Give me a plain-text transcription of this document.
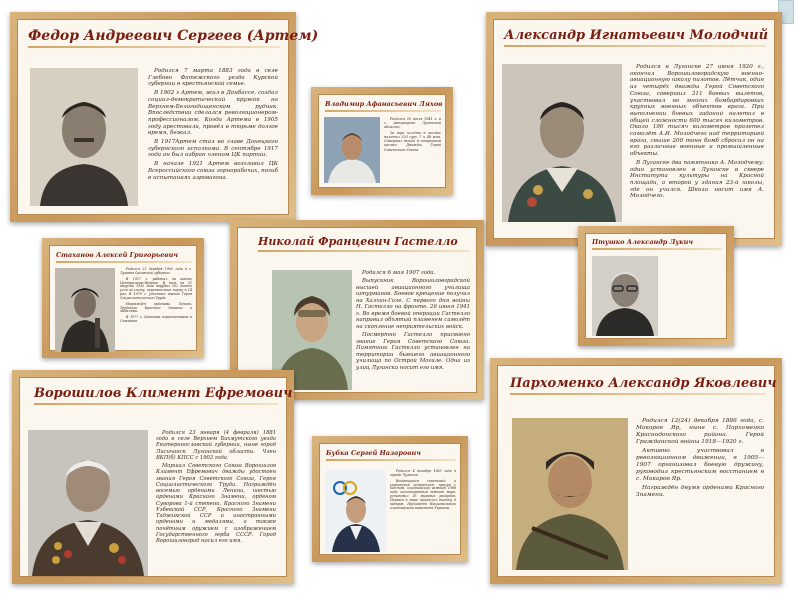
Федор Андреевич Сергеев (Артем)

Родился 7 марта 1883 года в селе Глебово Фатежского уезда Курской губернии в крестьянской семье.

В 1902 г Артем, жил в Донбассе, создал социал-демократический кружок на Верхнем-Белогодищенском рудник. Впоследствии сделался революционером-профессионалом. Когда Артема в 1905 году арестовали, провёл в тюрьме долгое время, бежал.

В 1917Артем стал во главе Донецкого губернского исполкома. В сентябре 1917 года он был избран членом ЦК партии.

В начале 1921 Артем возглавил ЦК Всероссийского союза горнорабочих, погиб в испытаниях аэровагона.

Владимир Афанасьевич Ляхов

Родился 20 июля 1941 г. в г. Антраците Луганской области.

За три полёта в космос налетал 333 сут. 7 ч 48 мин. Совершил выход в открытый космос. Дважды Герой Советского Союза.

Александр Игнатьевич Молодчий

Родился в Луганске 27 июня 1920 г., окончил Ворошиловградскую военно-авиационную школу пилотов. Лётчик, один из четырёх дважды Герой Советского Союза, совершил 311 боевых вылетов, участвовал во многих бомбардировках крупных военных объектов врага. При выполнении боевых заданий налетал в общей сложности 600 тысяч километров. Около 190 тысяч километров пролетел самолёт А.И. Молодчего над территорией врага, свыше 200 тонн бомб сбросил он на его различные военные и промышленные объекты.

В Луганске два памятника А. Молодчему: один установлен в Луганске в сквере Института культуры на Красной площади, а второй у здания 23-й школы, где он учился. Школа носит имя А. Молодчего.

Стаханов Алексей Григорьевич

Родился 21 декабря 1905 года в с. Лугавая Орловской губернии.

В 1927 г. работал на шахте Центральное-Ирмино. В ночь на 31 августа 1935 года нарубил 102 тонны угля за смену, перевыполнив норму в 14 раз. В 1970 г. удостоен звания Героя Социалистического Труда.

Награждён орденами Ленина, Трудового Красного Знамени и медалями.

В 1977 г. Кадиевка переименована в Стаханов.

Николай Францевич Гастелло

Родился 6 мая 1907 года.

Выпускник Ворошиловградской высшей авиационного училища штурманов. Боевое крещение получил на Халхин-Голе. С первого дня войны Н. Гастелло на фронте. 26 июня 1941 г. Во время боевой операции Гастелло направил объятый пламенем самолёт на скопление неприятельских войск.

Посмертно Гастелло присвоено звание Героя Советского Союза. Памятник Гастелло установлен на территории бывшего авиационного училища по Острой Могиле. Одна из улиц Луганска носит его имя.

Птушко Александр Лукич
Ворошилов Климент Ефремович

Родился 23 января (4 февраля) 1881 года в селе Верхнем Бахмутского уезда Екатеринославской губернии, ныне город Лисичанск Луганской области. Член ВКП(б) КПСС с 1903 года.

Маршал Советского Союза Ворошилов Климент Ефремович дважды удостоен звания Героя Советского Союза, Героя Социалистического Труда. Награждён восемью орденами Ленина, шестью орденами Красного Знамени, орденом Суворова 1-й степени, Красного Знамени Узбекской ССР, Красного Знамени Таджикской ССР и иностранными орденами и медалями, а также почётным оружием с изображением Государственного герба СССР. Город Ворошиловград носил его имя.

Бубка Сергей Назарович

Родился 4 декабря 1963 года в городе Луганске.

Выдающийся советский и украинский легкоатлет, прыгун с шестом, олимпийский чемпион 1988 года, шестикратный чемпион мира, установил 35 мировых рекордов. Первым в мире преодолел высоту 6 метров. Президент Национального олимпийского комитета Украины.

Пархоменко Александр Яковлевич

Родился 12(24) декабря 1886 года, с. Макаров Яр, ныне с. Пархоменко Краснодонского района. Герой Гражданской войны 1918—1920 г.

Активно участвовал в революционном движении, в 1905—1907 организовал боевую дружину, руководил крестьянским восстанием в с. Макаров Яр.

Награждён двумя орденами Красного Знамени.
